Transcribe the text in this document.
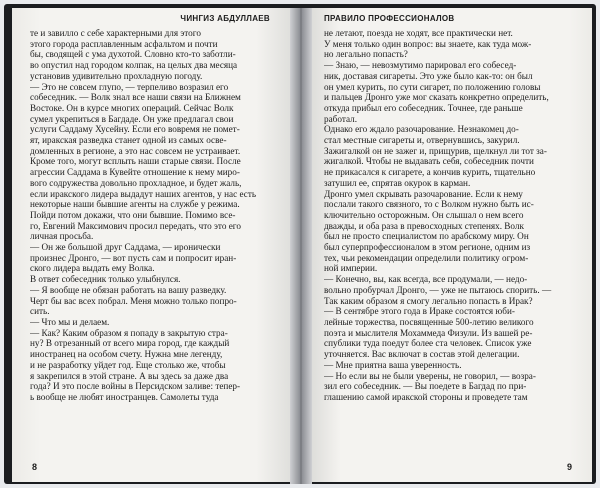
ЧИНГИЗ АБДУЛЛАЕВ
те и завилло с себе характерными для этого
этого города расплавленным асфальтом и почти
бы, сводящей с ума духотой. Словно кто-то заботли-
во опустил над городом колпак, на целых два месяца
установив удивительно прохладную погоду.
— Это не совсем глупо, — терпеливо возразил его
собеседник. — Волк знал все наши связи на Ближнем
Востоке. Он в курсе многих операций. Сейчас Волк
сумел укрепиться в Багдаде. Он уже предлагал свои
услуги Саддаму Хусейну. Если его вовремя не помет-
ят, иракская разведка станет одной из самых осве-
домленных в регионе, а это нас совсем не устраивает.
Кроме того, могут всплыть наши старые связи. После
агрессии Саддама в Кувейте отношение к нему миро-
вого содружества довольно прохладное, и будет жаль,
если иракского лидера выдадут наших агентов, у нас есть
некоторые наши бывшие агенты на службе у режима.
Пойди потом докажи, что они бывшие. Помимо все-
го, Евгений Максимович просил передать, что это его
личная просьба.
— Он же большой друг Саддама, — иронически
произнес Дронго, — вот пусть сам и попросит иран-
ского лидера выдать ему Волка.
В ответ собеседник только улыбнулся.
— Я вообще не обязан работать на вашу разведку.
Черт бы вас всех побрал. Меня можно только попро-
сить.
— Что мы и делаем.
— Как? Каким образом я попаду в закрытую стра-
ну? В отрезанный от всего мира город, где каждый
иностранец на особом счету. Нужна мне легенду,
и не разработку уйдет год. Еще столько же, чтобы
я закрепился в этой стране. А вы здесь за даже два
года? И это после войны в Персидском заливе: тепер-
ь вообще не любят иностранцев. Самолеты туда
8
ПРАВИЛО ПРОФЕССИОНАЛОВ
не летают, поезда не ходят, все практически нет.
У меня только один вопрос: вы знаете, как туда мож-
но легально попасть?
— Знаю, — невозмутимо парировал его собесед-
ник, доставая сигареты. Это уже было как-то: он был
он умел курить, по сути сигарет, по положению головы
и пальцев Дронго уже мог сказать конкретно определить,
откуда прибыл его собеседник. Точнее, где раньше
работал.
Однако его ждало разочарование. Незнакомец до-
стал местные сигареты и, отвернувшись, закурил.
Зажигалкой он не зажег и, прищурив, щелкнул ли тот за-
жигалкой. Чтобы не выдавать себя, собеседник почти
не прикасался к сигарете, а кончив курить, тщательно
затушил ее, спрятав окурок в карман.
Дронго умел скрывать разочарование. Если к нему
послали такого связного, то с Волком нужно быть ис-
ключительно осторожным. Он слышал о нем всего
дважды, и оба раза в превосходных степенях. Волк
был не просто специалистом по арабскому миру. Он
был суперпрофессионалом в этом регионе, одним из
тех, чьи рекомендации определили политику огром-
ной империи.
— Конечно, вы, как всегда, все продумали, — недо-
вольно пробурчал Дронго, — уже не пытаюсь спорить. —
Так каким образом я смогу легально попасть в Ирак?
— В сентябре этого года в Ираке состоятся юби-
лейные торжества, посвященные 500-летию великого
поэта и мыслителя Мохаммеда Физули. Из вашей ре-
спублики туда поедут более ста человек. Список уже
уточняется. Вас включат в состав этой делегации.
— Мне приятна ваша уверенность.
— Но если вы не были уверены, не говорил, — возра-
зил его собеседник. — Вы поедете в Багдад по при-
глашению самой иракской стороны и проведете там
9
